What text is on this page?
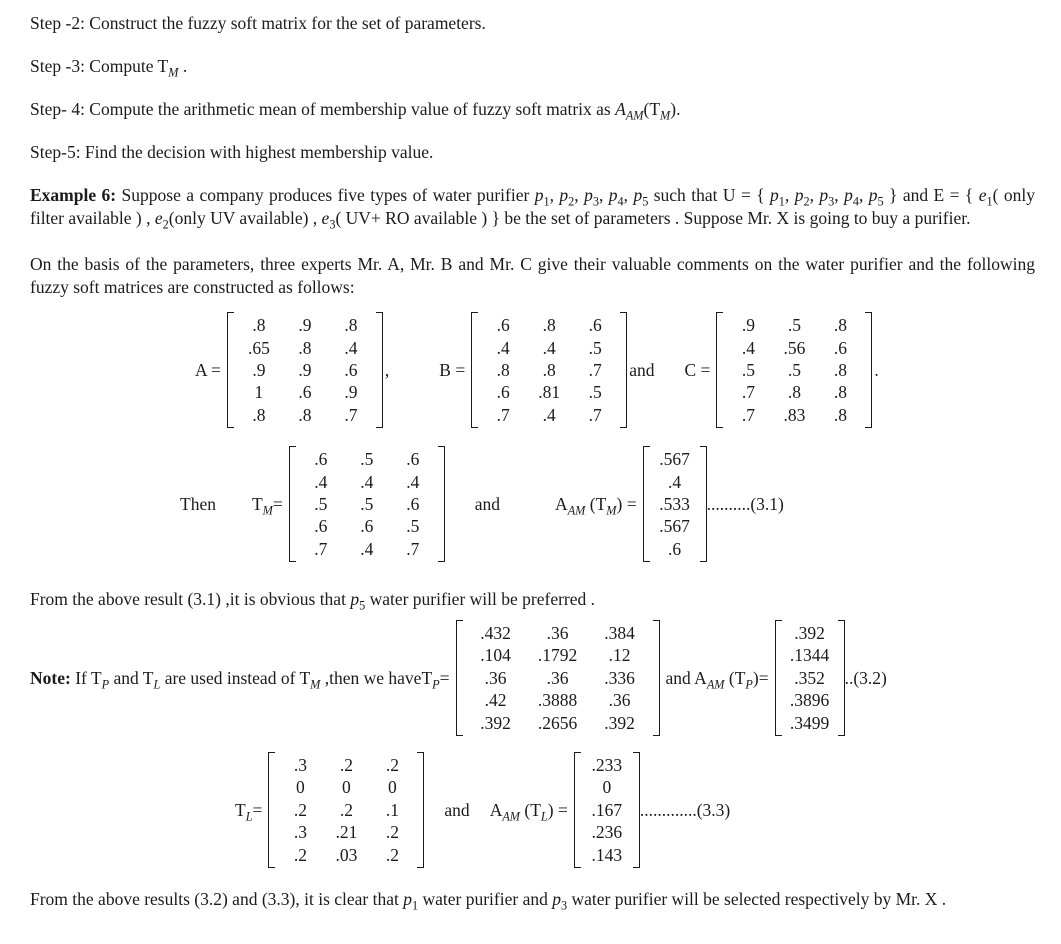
Step -2: Construct the fuzzy soft matrix for the set of parameters.

Step -3: Compute $T_M$ .

Step- 4: Compute the arithmetic mean of membership value of fuzzy soft matrix as $A_{AM}(T_M)$.

Step-5: Find the decision with highest membership value.

Example 6: Suppose a company produces five types of water purifier $p_1$, $p_2$, $p_3$, $p_4$, $p_5$ such that U = { $p_1$, $p_2$, $p_3$, $p_4$, $p_5$ } and E = { $e_1$( only filter available ) , $e_2(only$ UV available) , $e_3$( UV+ RO available ) } be the set of parameters . Suppose Mr. X is going to buy a purifier.

On the basis of the parameters, three experts Mr. A, Mr. B and Mr. C give their valuable comments on the water purifier and the following fuzzy soft matrices are constructed as follows:

A =
.8	.9	.8
.65	.8	.4
.9	.9	.6
1	.6	.9
.8	.8	.7
,	B =
.6	.8	.6
.4	.4	.5
.8	.8	.7
.6	.81	.5
.7	.4	.7
and C =
.9	.5	.8
.4	.56	.6
.5	.5	.8
.7	.8	.8
.7	.83	.8
.
Then $T_M=$
.6	.5	.6
.4	.4	.4
.5	.5	.6
.6	.6	.5
.7	.4	.7
and	$A_{AM}$ $(T_M)$ =
.567
.4
.533
.567
.6
..........(3.1)

From the above result (3.1) ,it is obvious that $p_5$ water purifier will be preferred .

Note: If $T_P$ and $T_L$ are used instead of $T_M$ ,then we haveT$_P$=
.432	.36	.384
.104	.1792	.12
.36	.36	.336
.42	.3888	.36
.392	.2656	.392
and $A_{AM}$ $(T_P)=$
.392
.1344
.352
.3896
.3499
..(3.2)
$T_L=$
.3	.2	.2
0	0	0
.2	.2	.1
.3	.21	.2
.2	.03	.2
and $A_{AM}$ $(T_L)$ =
.233
0
.167
.236
.143
.............(3.3)

From the above results (3.2) and (3.3), it is clear that $p_1$ water purifier and $p_3$ water purifier will be selected respectively by Mr. X .
